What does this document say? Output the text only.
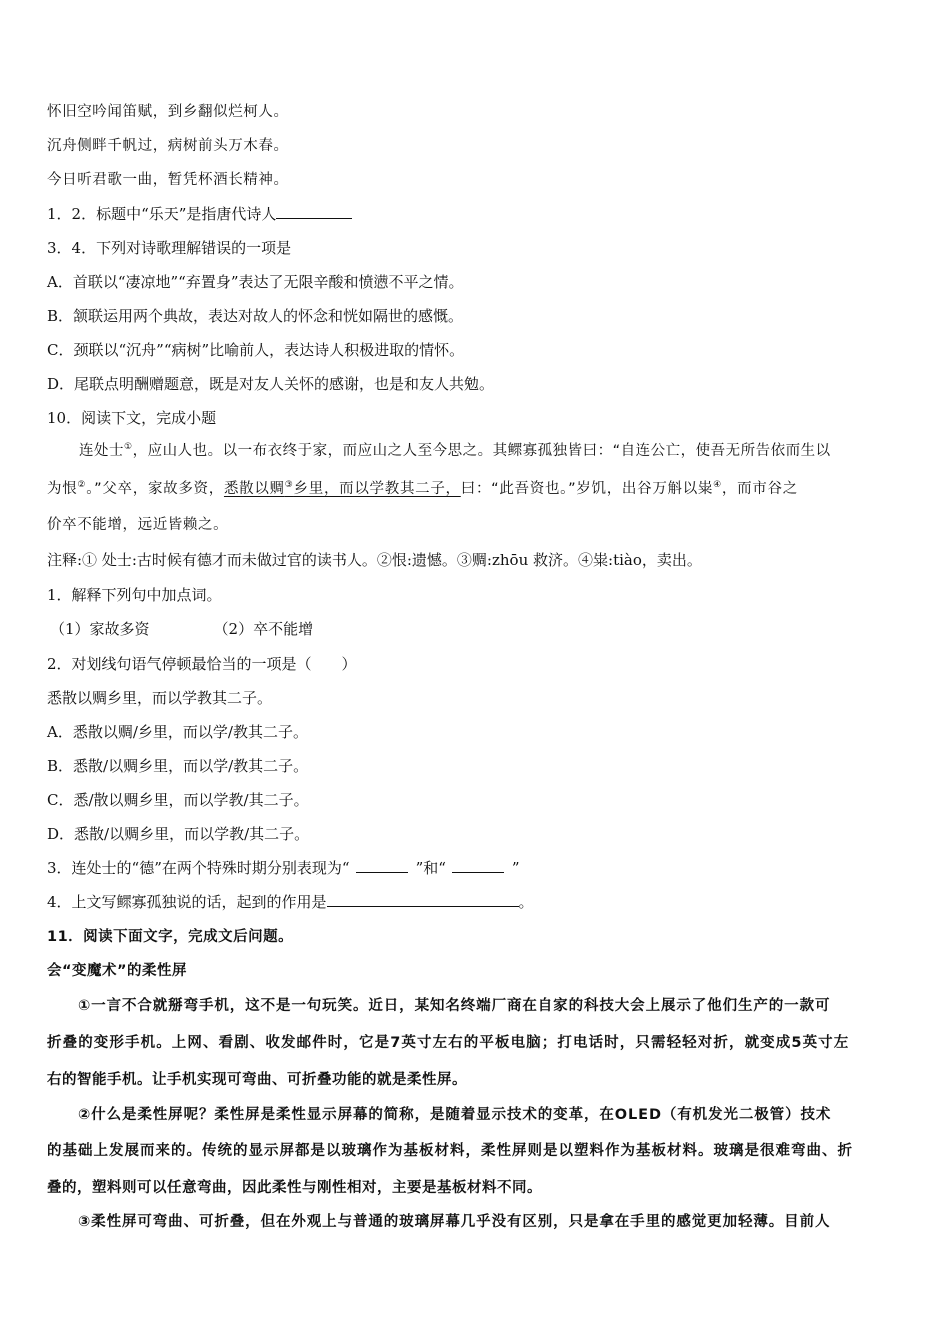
怀旧空吟闻笛赋，到乡翻似烂柯人。
沉舟侧畔千帆过，病树前头万木春。
今日听君歌一曲，暂凭杯酒长精神。
1．2．标题中“乐天”是指唐代诗人
3．4．下列对诗歌理解错误的一项是
A．首联以“凄凉地”“弃置身”表达了无限辛酸和愤懑不平之情。
B．颔联运用两个典故，表达对故人的怀念和恍如隔世的感慨。
C．颈联以“沉舟”“病树”比喻前人，表达诗人积极进取的情怀。
D．尾联点明酬赠题意，既是对友人关怀的感谢，也是和友人共勉。
10．阅读下文，完成小题
连处士①，应山人也。以一布衣终于家，而应山之人至今思之。其鳏寡孤独皆曰：“自连公亡，使吾无所告依而生以
为恨②。”父卒，家故多资，悉散以赒③乡里，而以学教其二子，曰：“此吾资也。”岁饥，出谷万斛以粜④，而市谷之
价卒不能增，远近皆赖之。
注释:① 处士:古时候有德才而未做过官的读书人。②恨:遗憾。③赒:zhōu 救济。④粜:tiào，卖出。
1．解释下列句中加点词。
（1）家故多资	（2）卒不能增
2．对划线句语气停顿最恰当的一项是（　　）
悉散以赒乡里，而以学教其二子。
A．悉散以赒/乡里，而以学/教其二子。
B．悉散/以赒乡里，而以学/教其二子。
C．悉/散以赒乡里，而以学教/其二子。
D．悉散/以赒乡里，而以学教/其二子。
3．连处士的“德”在两个特殊时期分别表现为“	”和“	”
4．上文写鳏寡孤独说的话，起到的作用是	。
11．阅读下面文字，完成文后问题。
会“变魔术”的柔性屏
①一言不合就掰弯手机，这不是一句玩笑。近日，某知名终端厂商在自家的科技大会上展示了他们生产的一款可
折叠的变形手机。上网、看剧、收发邮件时，它是7英寸左右的平板电脑；打电话时，只需轻轻对折，就变成5英寸左
右的智能手机。让手机实现可弯曲、可折叠功能的就是柔性屏。
②什么是柔性屏呢？柔性屏是柔性显示屏幕的简称，是随着显示技术的变革，在OLED（有机发光二极管）技术
的基础上发展而来的。传统的显示屏都是以玻璃作为基板材料，柔性屏则是以塑料作为基板材料。玻璃是很难弯曲、折
叠的，塑料则可以任意弯曲，因此柔性与刚性相对，主要是基板材料不同。
③柔性屏可弯曲、可折叠，但在外观上与普通的玻璃屏幕几乎没有区别，只是拿在手里的感觉更加轻薄。目前人
